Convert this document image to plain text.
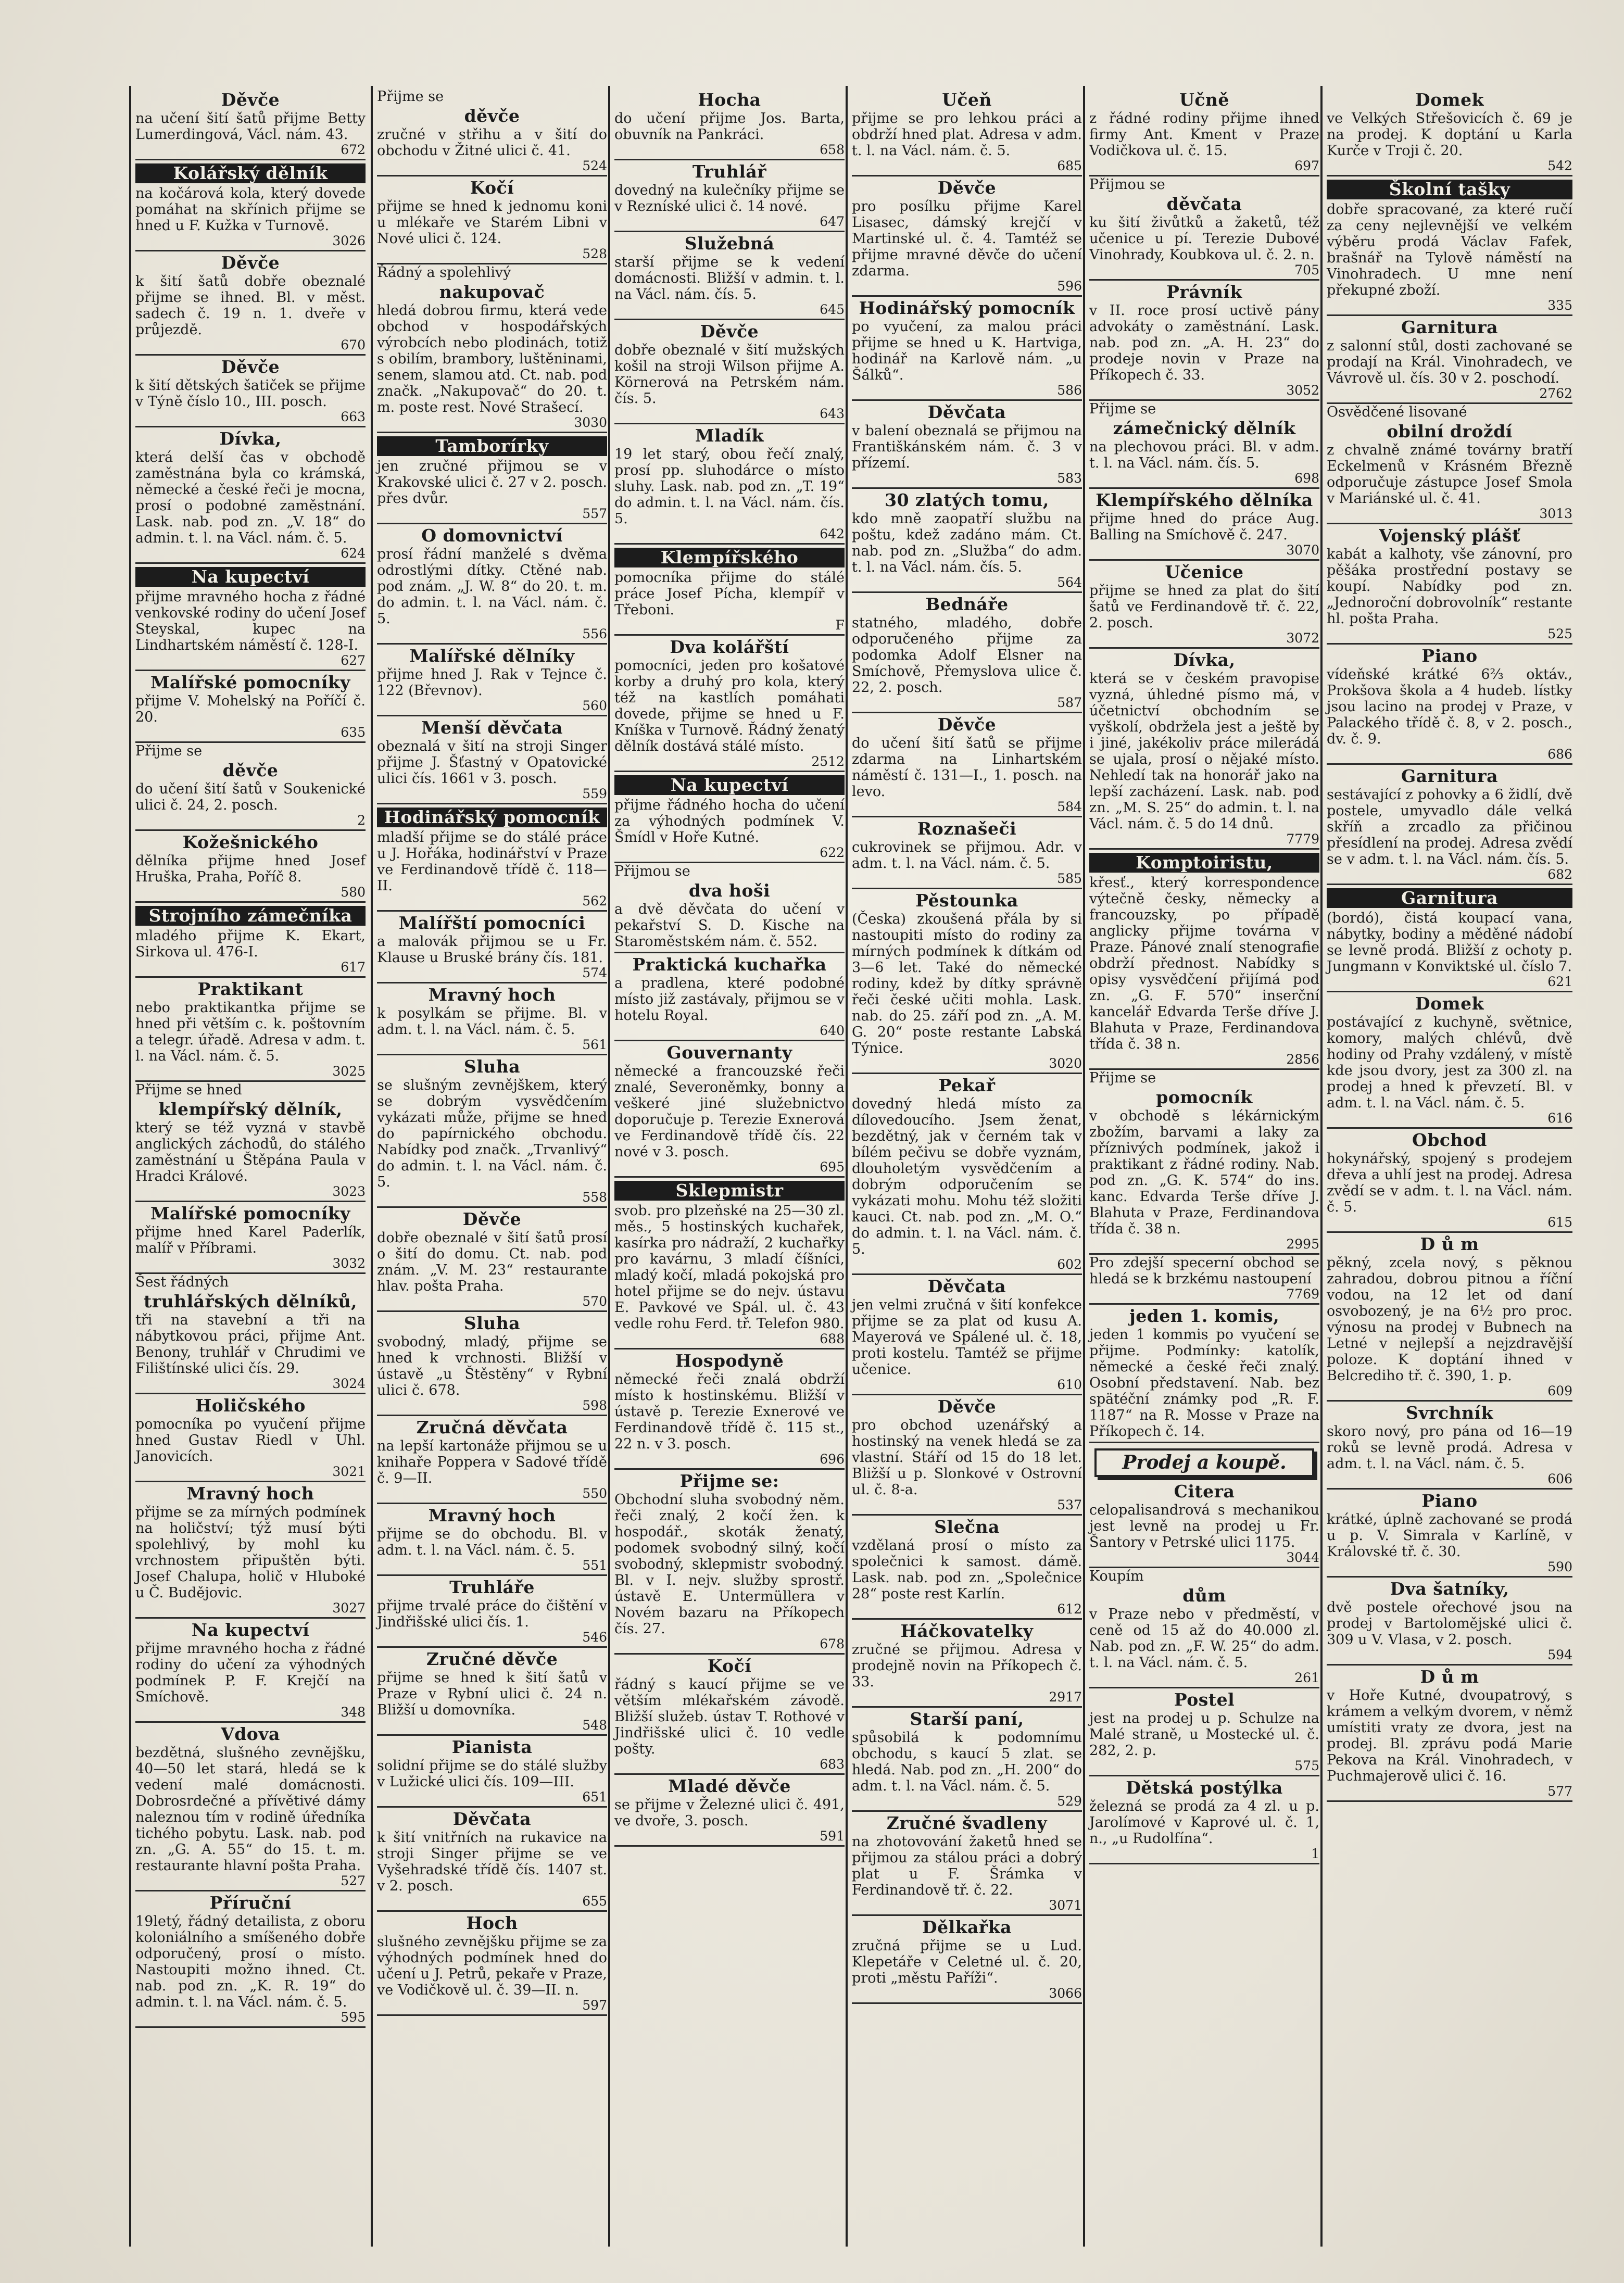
Děvče
na učení šití šatů přijme Betty Lumerdingová, Václ. nám. 43.
672
Kolářský dělník
na kočárová kola, který dovede pomáhat na skřínich přijme se hned u F. Kužka v Turnově.
3026
Děvče
k šití šatů dobře obeznalé přijme se ihned. Bl. v měst. sadech č. 19 n. 1. dveře v průjezdě.
670
Děvče
k šití dětských šatiček se přijme v Týně číslo 10., III. posch.
663
Dívka,
která delší čas v obchodě zaměstnána byla co krámská, německé a české řeči je mocna, prosí o podobné zaměstnání. Lask. nab. pod zn. „V. 18“ do admin. t. l. na Václ. nám. č. 5.
624
Na kupectví
přijme mravného hocha z řádné venkovské rodiny do učení Josef Steyskal, kupec na Lindhartském náměstí č. 128-I.
627
Malířské pomocníky
přijme V. Mohelský na Poříčí č. 20.
635
Přijme se
děvče
do učení šití šatů v Soukenické ulici č. 24, 2. posch.
2
Kožešnického
dělníka přijme hned Josef Hruška, Praha, Poříč 8.
580
Strojního zámečníka
mladého přijme K. Ekart, Sirkova ul. 476-I.
617
Praktikant
nebo praktikantka přijme se hned při větším c. k. poštovním a telegr. úřadě. Adresa v adm. t. l. na Václ. nám. č. 5.
3025
Přijme se hned
klempířský dělník,
který se též vyzná v stavbě anglických záchodů, do stálého zaměstnání u Štěpána Paula v Hradci Králové.
3023
Malířské pomocníky
přijme hned Karel Paderlík, malíř v Příbrami.
3032
Šest řádných
truhlářských dělníků,
tři na stavební a tři na nábytkovou práci, přijme Ant. Benony, truhlář v Chrudimi ve Filištínské ulici čís. 29.
3024
Holičského
pomocníka po vyučení přijme hned Gustav Riedl v Uhl. Janovicích.
3021
Mravný hoch
přijme se za mírných podmínek na holičství; týž musí býti spolehlivý, by mohl ku vrchnostem připuštěn býti. Josef Chalupa, holič v Hluboké u Č. Budějovic.
3027
Na kupectví
přijme mravného hocha z řádné rodiny do učení za výhodných podmínek P. F. Krejčí na Smíchově.
348
Vdova
bezdětná, slušného zevnějšku, 40—50 let stará, hledá se k vedení malé domácnosti. Dobrosrdečné a přívětivé dámy naleznou tím v rodině úředníka tichého pobytu. Lask. nab. pod zn. „G. A. 55“ do 15. t. m. restaurante hlavní pošta Praha.
527
Příruční
19letý, řádný detailista, z oboru koloniálního a smíšeného dobře odporučený, prosí o místo. Nastoupiti možno ihned. Ct. nab. pod zn. „K. R. 19“ do admin. t. l. na Václ. nám. č. 5.
595
Přijme se
děvče
zručné v střihu a v šití do obchodu v Žitné ulici č. 41.
524
Kočí
přijme se hned k jednomu koni u mlékaře ve Starém Libni v Nové ulici č. 124.
528
Řádný a spolehlivý
nakupovač
hledá dobrou firmu, která vede obchod v hospodářských výrobcích nebo plodinách, totiž s obilím, brambory, luštěninami, senem, slamou atd. Ct. nab. pod značk. „Nakupovač“ do 20. t. m. poste rest. Nové Strašecí.
3030
Tamborírky
jen zručné přijmou se v Krakovské ulici č. 27 v 2. posch. přes dvůr.
557
O domovnictví
prosí řádní manželé s dvěma odrostlými dítky. Ctěné nab. pod znám. „J. W. 8“ do 20. t. m. do admin. t. l. na Václ. nám. č. 5.
556
Malířské dělníky
přijme hned J. Rak v Tejnce č. 122 (Břevnov).
560
Menší děvčata
obeznalá v šití na stroji Singer přijme J. Šťastný v Opatovické ulici čís. 1661 v 3. posch.
559
Hodinářský pomocník
mladší přijme se do stálé práce u J. Hořáka, hodinářství v Praze ve Ferdinandově třídě č. 118—II.
562
Malířští pomocníci
a malovák přijmou se u Fr. Klause u Bruské brány čís. 181.
574
Mravný hoch
k posylkám se přijme. Bl. v adm. t. l. na Václ. nám. č. 5.
561
Sluha
se slušným zevnějškem, který se dobrým vysvědčením vykázati může, přijme se hned do papírnického obchodu. Nabídky pod značk. „Trvanlivý“ do admin. t. l. na Václ. nám. č. 5.
558
Děvče
dobře obeznalé v šití šatů prosí o šití do domu. Ct. nab. pod znám. „V. M. 23“ restaurante hlav. pošta Praha.
570
Sluha
svobodný, mladý, přijme se hned k vrchnosti. Bližší v ústavě „u Štěstěny“ v Rybní ulici č. 678.
598
Zručná děvčata
na lepší kartonáže přijmou se u knihaře Poppera v Sadové třídě č. 9—II.
550
Mravný hoch
přijme se do obchodu. Bl. v adm. t. l. na Václ. nám. č. 5.
551
Truhláře
přijme trvalé práce do čištění v Jindřišské ulici čís. 1.
546
Zručné děvče
přijme se hned k šití šatů v Praze v Rybní ulici č. 24 n. Bližší u domovníka.
548
Pianista
solidní přijme se do stálé služby v Lužické ulici čís. 109—III.
651
Děvčata
k šití vnitřních na rukavice na stroji Singer přijme se ve Vyšehradské třídě čís. 1407 st. v 2. posch.
655
Hoch
slušného zevnějšku přijme se za výhodných podmínek hned do učení u J. Petrů, pekaře v Praze, ve Vodičkově ul. č. 39—II. n.
597
Hocha
do učení přijme Jos. Barta, obuvník na Pankráci.
658
Truhlář
dovedný na kulečníky přijme se v Rezníské ulici č. 14 nové.
647
Služebná
starší přijme se k vedení domácnosti. Bližší v admin. t. l. na Václ. nám. čís. 5.
645
Děvče
dobře obeznalé v šití mužských košil na stroji Wilson přijme A. Körnerová na Petrském nám. čís. 5.
643
Mladík
19 let starý, obou řečí znalý, prosí pp. sluhodárce o místo sluhy. Lask. nab. pod zn. „T. 19“ do admin. t. l. na Václ. nám. čís. 5.
642
Klempířského
pomocníka přijme do stálé práce Josef Pícha, klempíř v Třeboni.
F
Dva kolářští
pomocníci, jeden pro košatové korby a druhý pro kola, který též na kastlích pomáhati dovede, přijme se hned u F. Kníška v Turnově. Řádný ženatý dělník dostává stálé místo.
2512
Na kupectví
přijme řádného hocha do učení za výhodných podmínek V. Šmídl v Hoře Kutné.
622
Přijmou se
dva hoši
a dvě děvčata do učení v pekařství S. D. Kische na Staroměstském nám. č. 552.
Praktická kuchařka
a pradlena, které podobné místo již zastávaly, přijmou se v hotelu Royal.
640
Gouvernanty
německé a francouzské řeči znalé, Severoněmky, bonny a veškeré jiné služebnictvo doporučuje p. Terezie Exnerová ve Ferdinandově třídě čís. 22 nové v 3. posch.
695
Sklepmistr
svob. pro plzeňské na 25—30 zl. měs., 5 hostinských kuchařek, kasírka pro nádraží, 2 kuchařky pro kavárnu, 3 mladí číšníci, mladý kočí, mladá pokojská pro hotel přijme se do nejv. ústavu E. Pavkové ve Spál. ul. č. 43 vedle rohu Ferd. tř. Telefon 980.
688
Hospodyně
německé řeči znalá obdrží místo k hostinskému. Bližší v ústavě p. Terezie Exnerové ve Ferdinandově třídě č. 115 st., 22 n. v 3. posch.
696
Přijme se:
Obchodní sluha svobodný něm. řeči znalý, 2 kočí žen. k hospodář., skoták ženatý, podomek svobodný silný, kočí svobodný, sklepmistr svobodný. Bl. v I. nejv. služby sprostř. ústavě E. Untermüllera v Novém bazaru na Příkopech čís. 27.
678
Kočí
řádný s kaucí přijme se ve větším mlékařském závodě. Bližší služeb. ústav T. Rothové v Jindřišské ulici č. 10 vedle pošty.
683
Mladé děvče
se přijme v Železné ulici č. 491, ve dvoře, 3. posch.
591
Učeň
přijme se pro lehkou práci a obdrží hned plat. Adresa v adm. t. l. na Václ. nám. č. 5.
685
Děvče
pro posílku přijme Karel Lisasec, dámský krejčí v Martinské ul. č. 4. Tamtéž se přijme mravné děvče do učení zdarma.
596
Hodinářský pomocník
po vyučení, za malou práci přijme se hned u K. Hartviga, hodinář na Karlově nám. „u Šálků“.
586
Děvčata
v balení obeznalá se přijmou na Františkánském nám. č. 3 v přízemí.
583
30 zlatých tomu,
kdo mně zaopatří službu na poštu, kdež zadáno mám. Ct. nab. pod zn. „Služba“ do adm. t. l. na Václ. nám. čís. 5.
564
Bednáře
statného, mladého, dobře odporučeného přijme za podomka Adolf Elsner na Smíchově, Přemyslova ulice č. 22, 2. posch.
587
Děvče
do učení šití šatů se přijme zdarma na Linhartském náměstí č. 131—I., 1. posch. na levo.
584
Roznašeči
cukrovinek se přijmou. Adr. v adm. t. l. na Václ. nám. č. 5.
585
Pěstounka
(Česka) zkoušená přála by si nastoupiti místo do rodiny za mírných podmínek k dítkám od 3—6 let. Také do německé rodiny, kdež by dítky správně řeči české učiti mohla. Lask. nab. do 25. září pod zn. „A. M. G. 20“ poste restante Labská Týnice.
3020
Pekař
dovedný hledá místo za dílovedoucího. Jsem ženat, bezdětný, jak v černém tak v bílém pečivu se dobře vyznám, dlouholetým vysvědčením a dobrým odporučením se vykázati mohu. Mohu též složiti kauci. Ct. nab. pod zn. „M. O.“ do admin. t. l. na Václ. nám. č. 5.
602
Děvčata
jen velmi zručná v šití konfekce přijme se za plat od kusu A. Mayerová ve Spálené ul. č. 18, proti kostelu. Tamtéž se přijme učenice.
610
Děvče
pro obchod uzenářský a hostinský na venek hledá se za vlastní. Stáří od 15 do 18 let. Bližší u p. Slonkové v Ostrovní ul. č. 8-a.
537
Slečna
vzdělaná prosí o místo za společnici k samost. dámě. Lask. nab. pod zn. „Společnice 28“ poste rest Karlín.
612
Háčkovatelky
zručné se přijmou. Adresa v prodejně novin na Příkopech č. 33.
2917
Starší paní,
spůsobilá k podomnímu obchodu, s kaucí 5 zlat. se hledá. Nab. pod zn. „H. 200“ do adm. t. l. na Václ. nám. č. 5.
529
Zručné švadleny
na zhotovování žaketů hned se přijmou za stálou práci a dobrý plat u F. Šrámka v Ferdinandově tř. č. 22.
3071
Dělkařka
zručná přijme se u Lud. Klepetáře v Celetné ul. č. 20, proti „městu Paříži“.
3066
Učně
z řádné rodiny přijme ihned firmy Ant. Kment v Praze Vodičkova ul. č. 15.
697
Přijmou se
děvčata
ku šití živůtků a žaketů, též učenice u pí. Terezie Dubové Vinohrady, Koubkova ul. č. 2. n.
705
Právník
v II. roce prosí uctivě pány advokáty o zaměstnání. Lask. nab. pod zn. „A. H. 23“ do prodeje novin v Praze na Příkopech č. 33.
3052
Přijme se
zámečnický dělník
na plechovou práci. Bl. v adm. t. l. na Václ. nám. čís. 5.
698
Klempířského dělníka
přijme hned do práce Aug. Balling na Smíchově č. 247.
3070
Učenice
přijme se hned za plat do šití šatů ve Ferdinandově tř. č. 22, 2. posch.
3072
Dívka,
která se v českém pravopise vyzná, úhledné písmo má, v účetnictví obchodním se vyškolí, obdržela jest a ještě by i jiné, jakékoliv práce milerádá se ujala, prosí o nějaké místo. Nehledí tak na honorář jako na lepší zacházení. Lask. nab. pod zn. „M. S. 25“ do admin. t. l. na Václ. nám. č. 5 do 14 dnů.
7779
Komptoiristu,
křesť., který korrespondence výtečně česky, německy a francouzsky, po případě anglicky přijme továrna v Praze. Pánové znalí stenografie obdrží přednost. Nabídky s opisy vysvědčení přijímá pod zn. „G. F. 570“ inserční kancelář Edvarda Terše dříve J. Blahuta v Praze, Ferdinandova třída č. 38 n.
2856
Přijme se
pomocník
v obchodě s lékárnickým zbožím, barvami a laky za příznivých podmínek, jakož i praktikant z řádné rodiny. Nab. pod zn. „G. K. 574“ do ins. kanc. Edvarda Terše dříve J. Blahuta v Praze, Ferdinandova třída č. 38 n.
2995
Pro zdejší specerní obchod se hledá se k brzkému nastoupení
7769
jeden 1. komis,
jeden 1 kommis po vyučení se přijme. Podmínky: katolík, německé a české řeči znalý. Osobní představení. Nab. bez spätéční známky pod „R. F. 1187“ na R. Mosse v Praze na Příkopech č. 14.
Prodej a koupě.
Citera
celopalisandrová s mechanikou jest levně na prodej u Fr. Šantory v Petrské ulici 1175.
3044
Koupím
dům
v Praze nebo v předměstí, v ceně od 15 až do 40.000 zl. Nab. pod zn. „F. W. 25“ do adm. t. l. na Václ. nám. č. 5.
261
Postel
jest na prodej u p. Schulze na Malé straně, u Mostecké ul. č. 282, 2. p.
575
Dětská postýlka
železná se prodá za 4 zl. u p. Jarolímové v Kaprové ul. č. 1, n., „u Rudolfína“.
1
Domek
ve Velkých Střešovicích č. 69 je na prodej. K doptání u Karla Kurče v Troji č. 20.
542
Školní tašky
dobře spracované, za které ručí za ceny nejlevnější ve velkém výběru prodá Václav Fafek, brašnář na Tylově náměstí na Vinohradech. U mne není překupné zboží.
335
Garnitura
z salonní stůl, dosti zachované se prodají na Král. Vinohradech, ve Vávrově ul. čís. 30 v 2. poschodí.
2762
Osvědčené lisované
obilní droždí
z chvalně známé továrny bratří Eckelmenů v Krásném Březně odporučuje zástupce Josef Smola v Mariánské ul. č. 41.
3013
Vojenský plášť
kabát a kalhoty, vše zánovní, pro pěšáka prostřední postavy se koupí. Nabídky pod zn. „Jednoroční dobrovolník“ restante hl. pošta Praha.
525
Piano
vídeňské krátké 6⅔ oktáv., Prokšova škola a 4 hudeb. lístky jsou lacino na prodej v Praze, v Palackého třídě č. 8, v 2. posch., dv. č. 9.
686
Garnitura
sestávající z pohovky a 6 židlí, dvě postele, umyvadlo dále velká skříň a zrcadlo za přičinou přesídlení na prodej. Adresa zvědí se v adm. t. l. na Václ. nám. čís. 5.
682
Garnitura
(bordó), čistá koupací vana, nábytky, bodiny a měděné nádobí se levně prodá. Bližší z ochoty p. Jungmann v Konviktské ul. číslo 7.
621
Domek
postávající z kuchyně, světnice, komory, malých chlévů, dvě hodiny od Prahy vzdálený, v místě kde jsou dvory, jest za 300 zl. na prodej a hned k převzetí. Bl. v adm. t. l. na Václ. nám. č. 5.
616
Obchod
hokynářský, spojený s prodejem dřeva a uhlí jest na prodej. Adresa zvědí se v adm. t. l. na Václ. nám. č. 5.
615
D ů m
pěkný, zcela nový, s pěknou zahradou, dobrou pitnou a říční vodou, na 12 let od daní osvobozený, je na 6½ pro proc. výnosu na prodej v Bubnech na Letné v nejlepší a nejzdravější poloze. K doptání ihned v Belcrediho tř. č. 390, 1. p.
609
Svrchník
skoro nový, pro pána od 16—19 roků se levně prodá. Adresa v adm. t. l. na Václ. nám. č. 5.
606
Piano
krátké, úplně zachované se prodá u p. V. Simrala v Karlíně, v Královské tř. č. 30.
590
Dva šatníky,
dvě postele ořechové jsou na prodej v Bartolomějské ulici č. 309 u V. Vlasa, v 2. posch.
594
D ů m
v Hoře Kutné, dvoupatrový, s krámem a velkým dvorem, v němž umístiti vraty ze dvora, jest na prodej. Bl. zprávu podá Marie Pekova na Král. Vinohradech, v Puchmajerově ulici č. 16.
577
